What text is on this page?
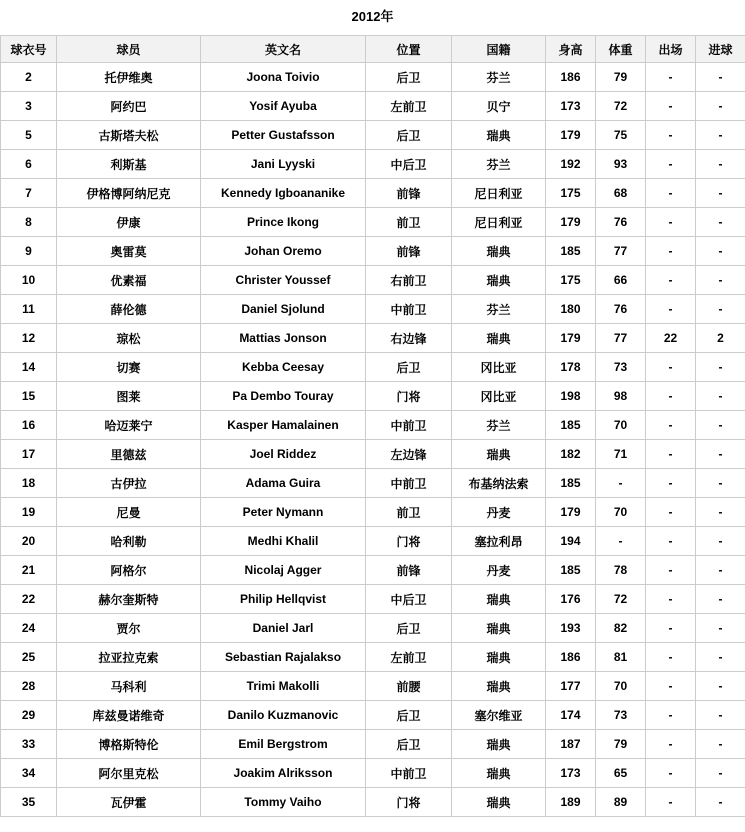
2012年
球衣号	球员	英文名	位置	国籍	身高	体重	出场	进球
2	托伊维奥	Joona Toivio	后卫	芬兰	186	79	-	-
3	阿约巴	Yosif Ayuba	左前卫	贝宁	173	72	-	-
5	古斯塔夫松	Petter Gustafsson	后卫	瑞典	179	75	-	-
6	利斯基	Jani Lyyski	中后卫	芬兰	192	93	-	-
7	伊格博阿纳尼克	Kennedy Igboananike	前锋	尼日利亚	175	68	-	-
8	伊康	Prince Ikong	前卫	尼日利亚	179	76	-	-
9	奥雷莫	Johan Oremo	前锋	瑞典	185	77	-	-
10	优素福	Christer Youssef	右前卫	瑞典	175	66	-	-
11	薛伦德	Daniel Sjolund	中前卫	芬兰	180	76	-	-
12	琼松	Mattias Jonson	右边锋	瑞典	179	77	22	2
14	切赛	Kebba Ceesay	后卫	冈比亚	178	73	-	-
15	图莱	Pa Dembo Touray	门将	冈比亚	198	98	-	-
16	哈迈莱宁	Kasper Hamalainen	中前卫	芬兰	185	70	-	-
17	里德兹	Joel Riddez	左边锋	瑞典	182	71	-	-
18	古伊拉	Adama Guira	中前卫	布基纳法索	185	-	-	-
19	尼曼	Peter Nymann	前卫	丹麦	179	70	-	-
20	哈利勒	Medhi Khalil	门将	塞拉利昂	194	-	-	-
21	阿格尔	Nicolaj Agger	前锋	丹麦	185	78	-	-
22	赫尔奎斯特	Philip Hellqvist	中后卫	瑞典	176	72	-	-
24	贾尔	Daniel Jarl	后卫	瑞典	193	82	-	-
25	拉亚拉克索	Sebastian Rajalakso	左前卫	瑞典	186	81	-	-
28	马科利	Trimi Makolli	前腰	瑞典	177	70	-	-
29	库兹曼诺维奇	Danilo Kuzmanovic	后卫	塞尔维亚	174	73	-	-
33	博格斯特伦	Emil Bergstrom	后卫	瑞典	187	79	-	-
34	阿尔里克松	Joakim Alriksson	中前卫	瑞典	173	65	-	-
35	瓦伊霍	Tommy Vaiho	门将	瑞典	189	89	-	-
